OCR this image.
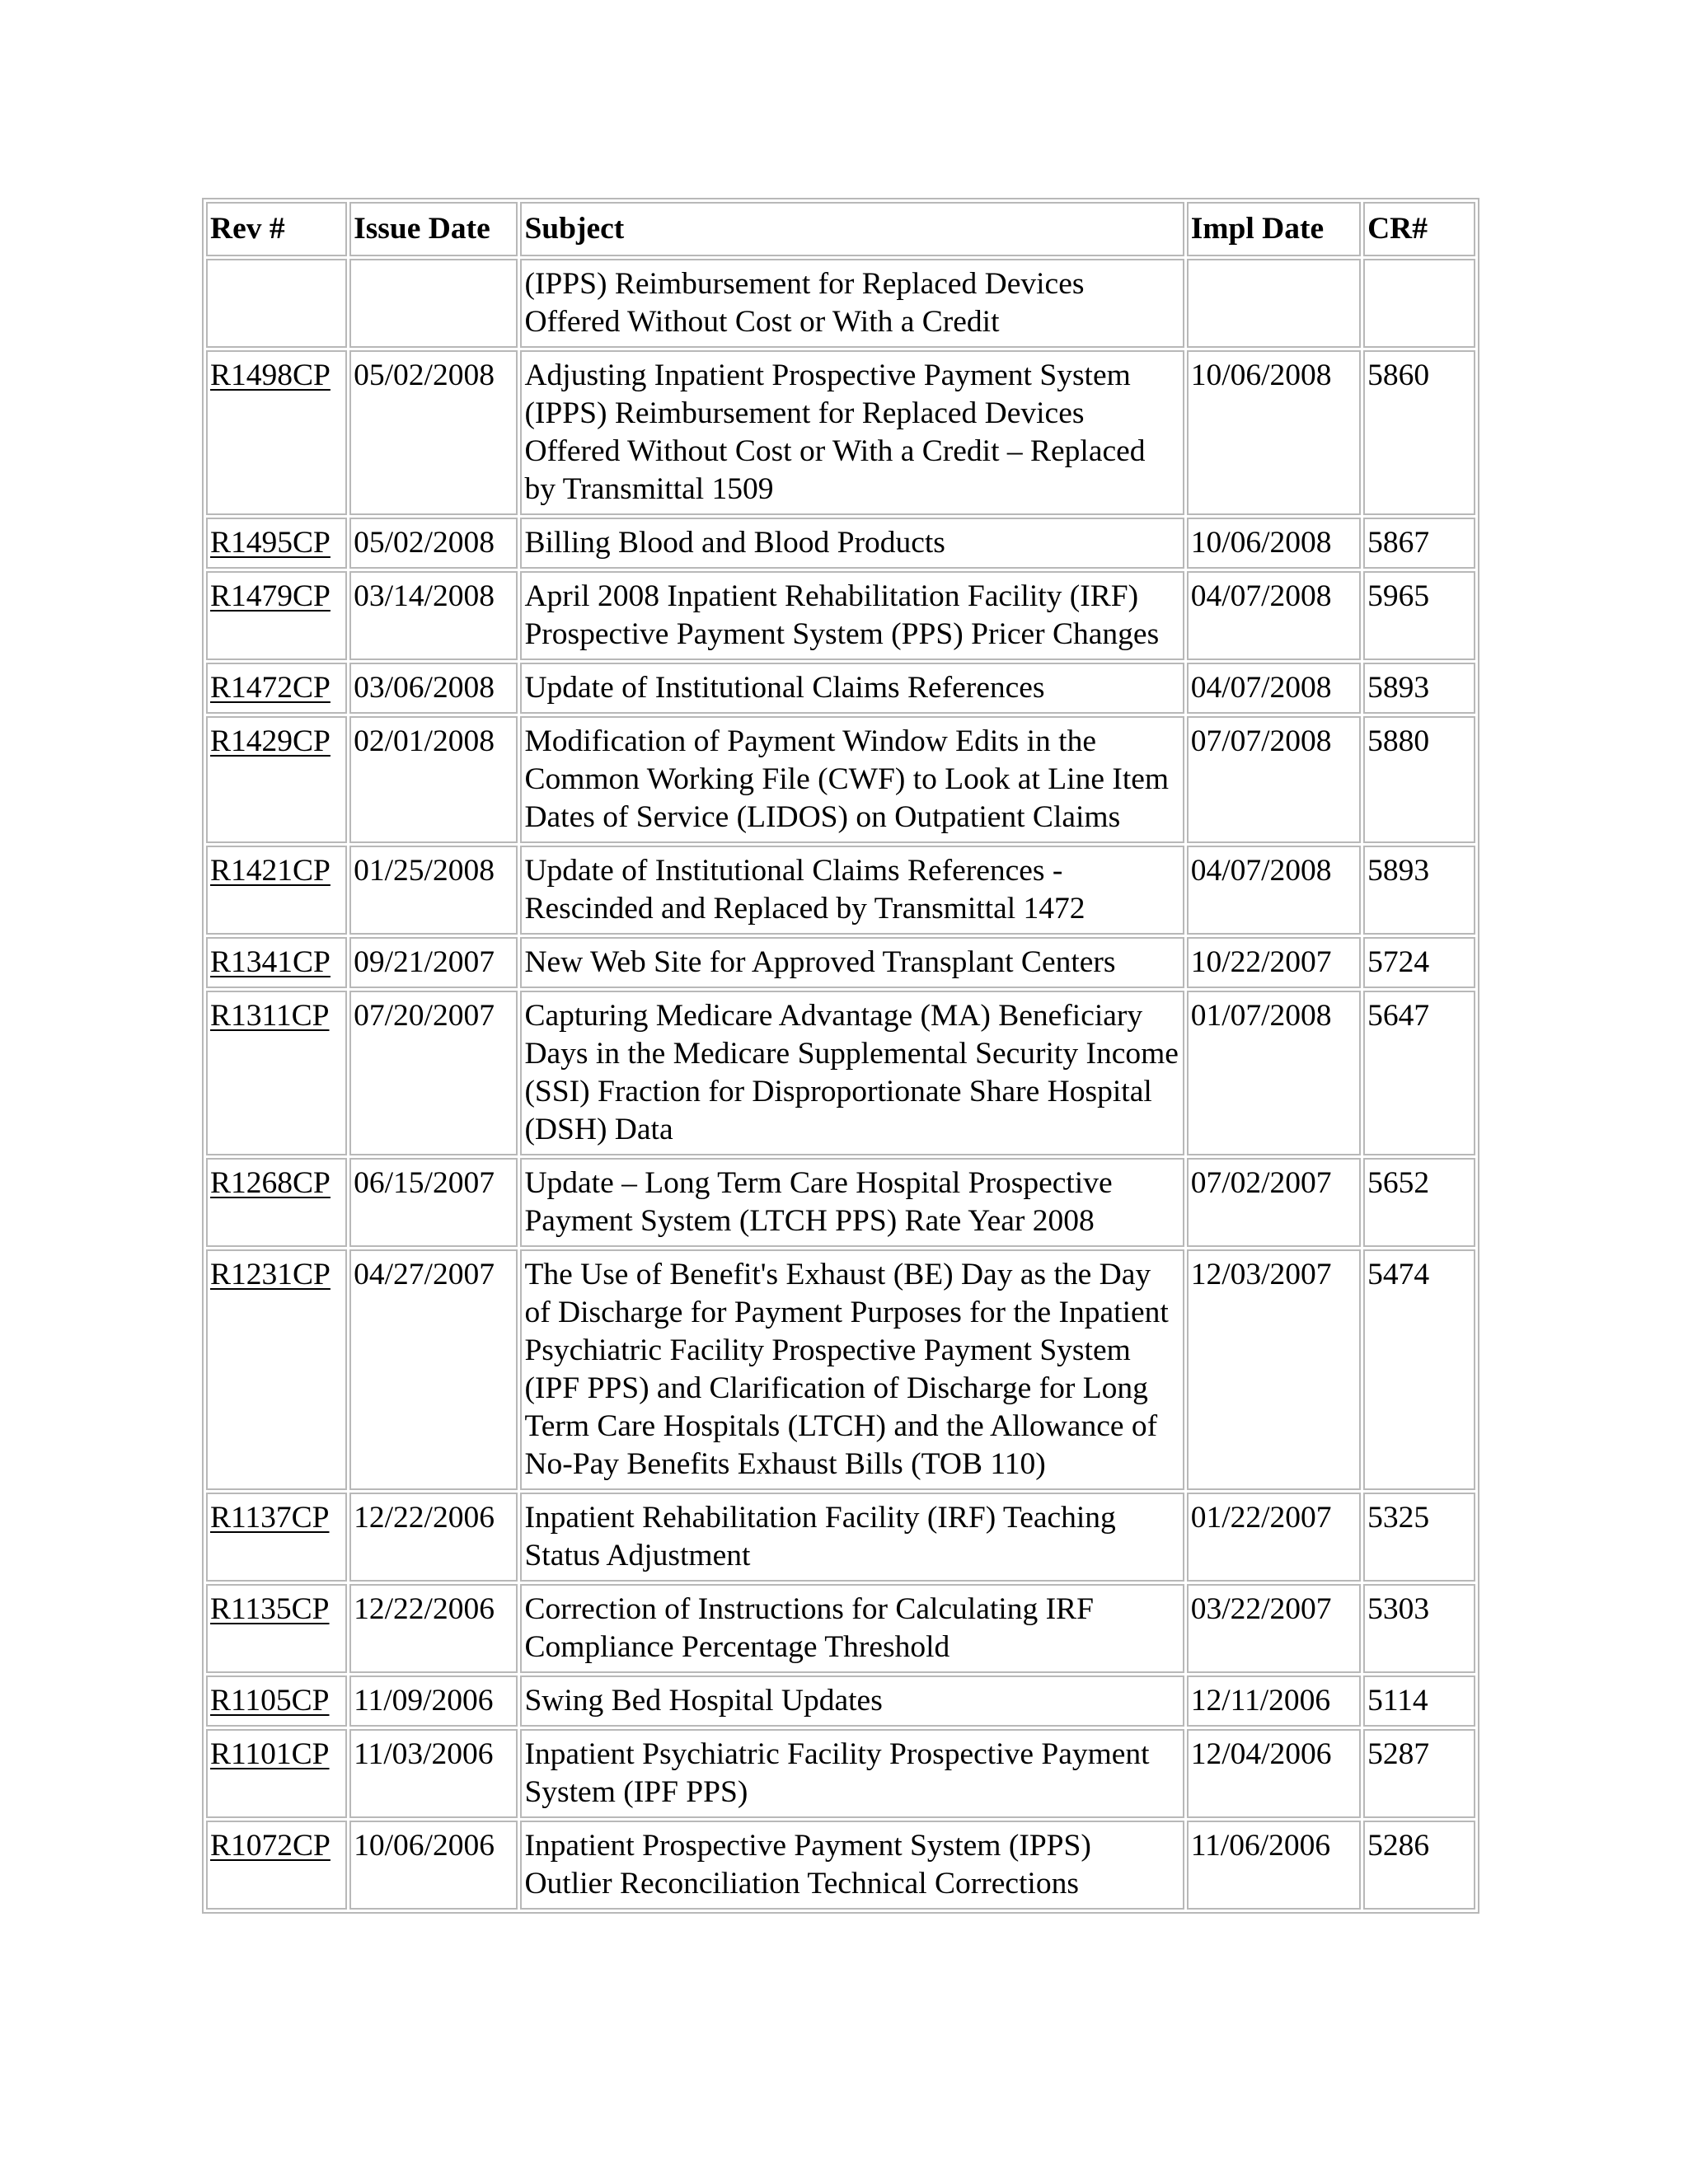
Rev #	Issue Date	Subject	Impl Date	CR#
		(IPPS) Reimbursement for Replaced Devices Offered Without Cost or With a Credit		
R1498CP	05/02/2008	Adjusting Inpatient Prospective Payment System (IPPS) Reimbursement for Replaced Devices Offered Without Cost or With a Credit – Replaced by Transmittal 1509	10/06/2008	5860
R1495CP	05/02/2008	Billing Blood and Blood Products	10/06/2008	5867
R1479CP	03/14/2008	April 2008 Inpatient Rehabilitation Facility (IRF) Prospective Payment System (PPS) Pricer Changes	04/07/2008	5965
R1472CP	03/06/2008	Update of Institutional Claims References	04/07/2008	5893
R1429CP	02/01/2008	Modification of Payment Window Edits in the Common Working File (CWF) to Look at Line Item Dates of Service (LIDOS) on Outpatient Claims	07/07/2008	5880
R1421CP	01/25/2008	Update of Institutional Claims References - Rescinded and Replaced by Transmittal 1472	04/07/2008	5893
R1341CP	09/21/2007	New Web Site for Approved Transplant Centers	10/22/2007	5724
R1311CP	07/20/2007	Capturing Medicare Advantage (MA) Beneficiary Days in the Medicare Supplemental Security Income (SSI) Fraction for Disproportionate Share Hospital (DSH) Data	01/07/2008	5647
R1268CP	06/15/2007	Update – Long Term Care Hospital Prospective Payment System (LTCH PPS) Rate Year 2008	07/02/2007	5652
R1231CP	04/27/2007	The Use of Benefit's Exhaust (BE) Day as the Day of Discharge for Payment Purposes for the Inpatient Psychiatric Facility Prospective Payment System (IPF PPS) and Clarification of Discharge for Long Term Care Hospitals (LTCH) and the Allowance of No-Pay Benefits Exhaust Bills (TOB 110)	12/03/2007	5474
R1137CP	12/22/2006	Inpatient Rehabilitation Facility (IRF) Teaching Status Adjustment	01/22/2007	5325
R1135CP	12/22/2006	Correction of Instructions for Calculating IRF Compliance Percentage Threshold	03/22/2007	5303
R1105CP	11/09/2006	Swing Bed Hospital Updates	12/11/2006	5114
R1101CP	11/03/2006	Inpatient Psychiatric Facility Prospective Payment System (IPF PPS)	12/04/2006	5287
R1072CP	10/06/2006	Inpatient Prospective Payment System (IPPS) Outlier Reconciliation Technical Corrections	11/06/2006	5286
